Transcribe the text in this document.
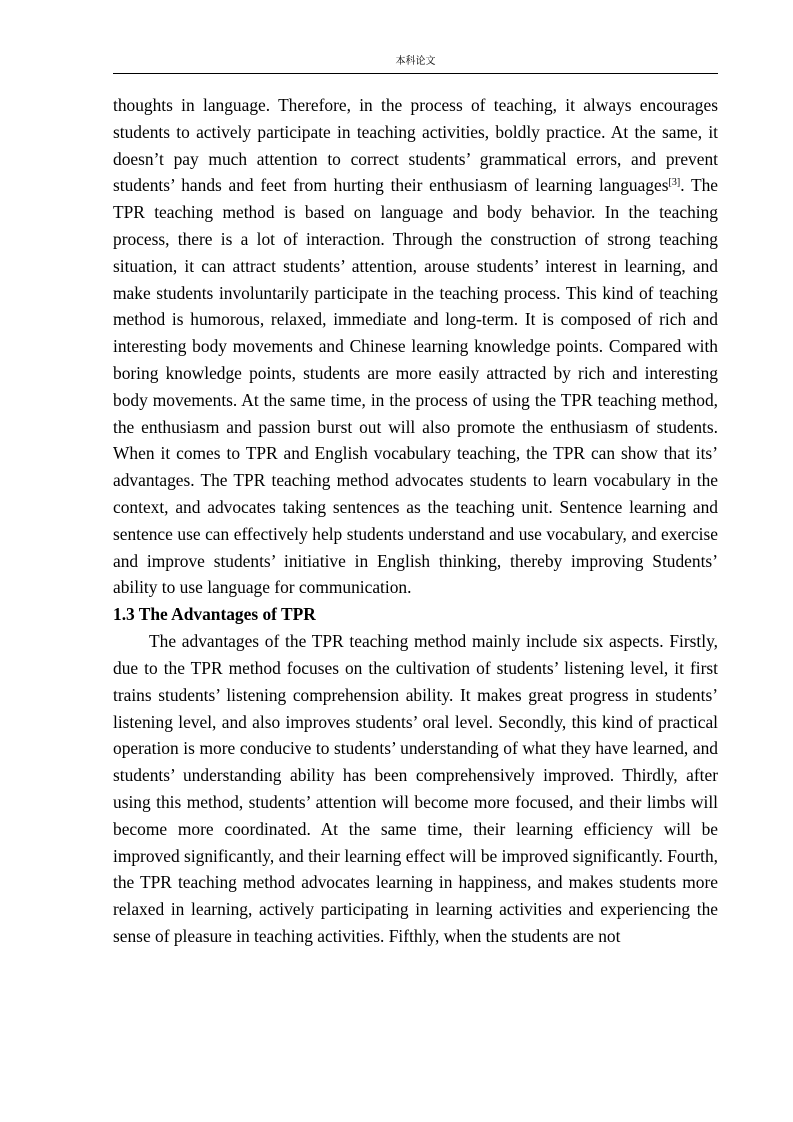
本科论文

thoughts in language. Therefore, in the process of teaching, it always encourages students to actively participate in teaching activities, boldly practice. At the same, it doesn’t pay much attention to correct students’ grammatical errors, and prevent students’ hands and feet from hurting their enthusiasm of learning languages[3]. The TPR teaching method is based on language and body behavior. In the teaching process, there is a lot of interaction. Through the construction of strong teaching situation, it can attract students’ attention, arouse students’ interest in learning, and make students involuntarily participate in the teaching process. This kind of teaching method is humorous, relaxed, immediate and long-term. It is composed of rich and interesting body movements and Chinese learning knowledge points. Compared with boring knowledge points, students are more easily attracted by rich and interesting body movements. At the same time, in the process of using the TPR teaching method, the enthusiasm and passion burst out will also promote the enthusiasm of students. When it comes to TPR and English vocabulary teaching, the TPR can show that its’ advantages. The TPR teaching method advocates students to learn vocabulary in the context, and advocates taking sentences as the teaching unit. Sentence learning and sentence use can effectively help students understand and use vocabulary, and exercise and improve students’ initiative in English thinking, thereby improving Students’ ability to use language for communication.

1.3 The Advantages of TPR

The advantages of the TPR teaching method mainly include six aspects. Firstly, due to the TPR method focuses on the cultivation of students’ listening level, it first trains students’ listening comprehension ability. It makes great progress in students’ listening level, and also improves students’ oral level. Secondly, this kind of practical operation is more conducive to students’ understanding of what they have learned, and students’ understanding ability has been comprehensively improved. Thirdly, after using this method, students’ attention will become more focused, and their limbs will become more coordinated. At the same time, their learning efficiency will be improved significantly, and their learning effect will be improved significantly. Fourth, the TPR teaching method advocates learning in happiness, and makes students more relaxed in learning, actively participating in learning activities and experiencing the sense of pleasure in teaching activities. Fifthly, when the students are not
